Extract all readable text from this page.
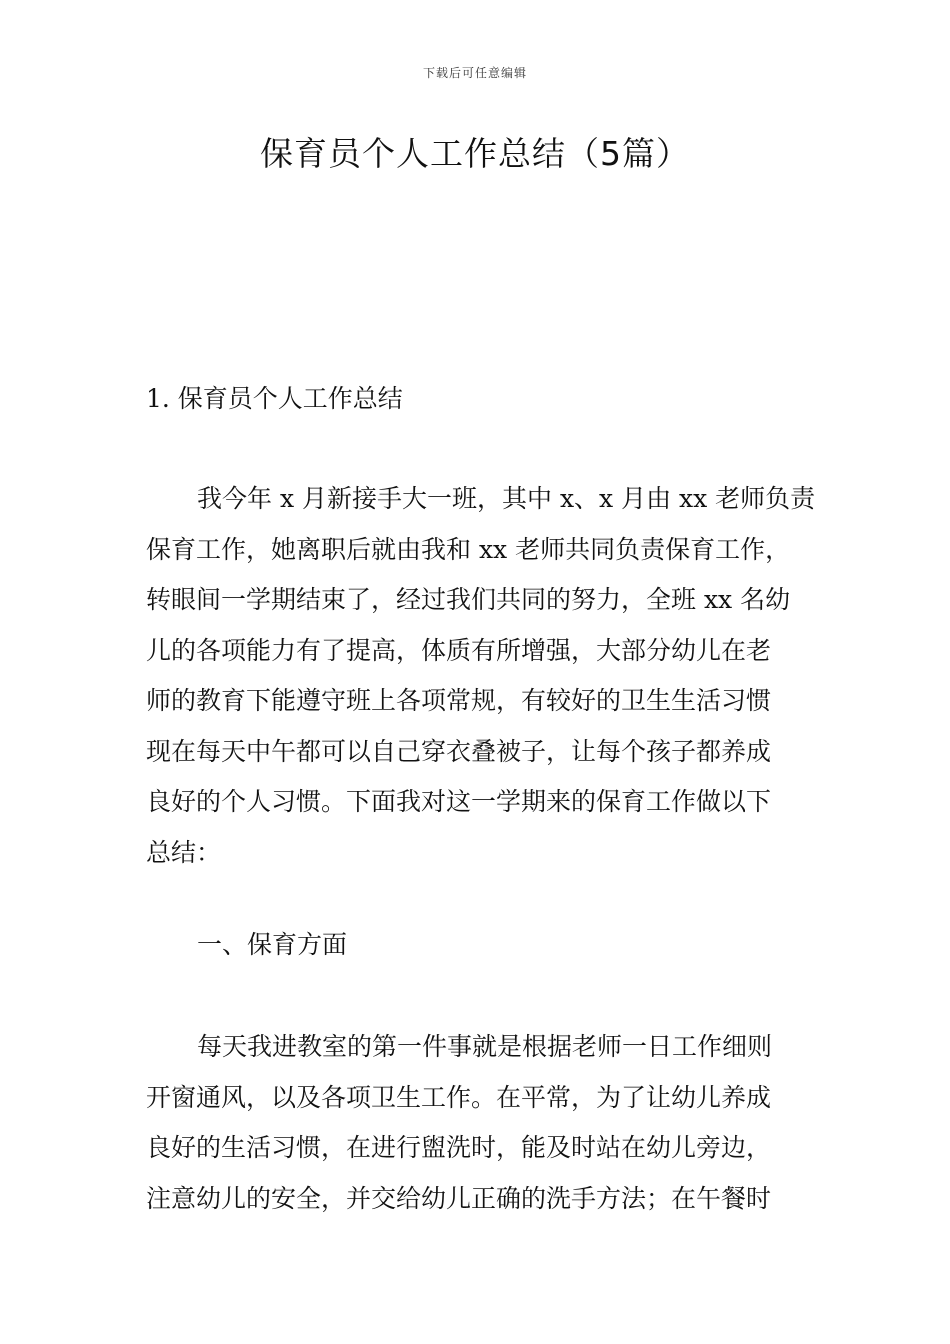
下载后可任意编辑
保育员个人工作总结（5篇）
1. 保育员个人工作总结
我今年 x 月新接手大一班，其中 x、x 月由 xx 老师负责
保育工作，她离职后就由我和 xx 老师共同负责保育工作，
转眼间一学期结束了，经过我们共同的努力，全班 xx 名幼
儿的各项能力有了提高，体质有所增强，大部分幼儿在老
师的教育下能遵守班上各项常规，有较好的卫生生活习惯
现在每天中午都可以自己穿衣叠被子，让每个孩子都养成
良好的个人习惯。下面我对这一学期来的保育工作做以下
总结：
一、保育方面
每天我进教室的第一件事就是根据老师一日工作细则
开窗通风，以及各项卫生工作。在平常，为了让幼儿养成
良好的生活习惯，在进行盥洗时，能及时站在幼儿旁边，
注意幼儿的安全，并交给幼儿正确的洗手方法；在午餐时
